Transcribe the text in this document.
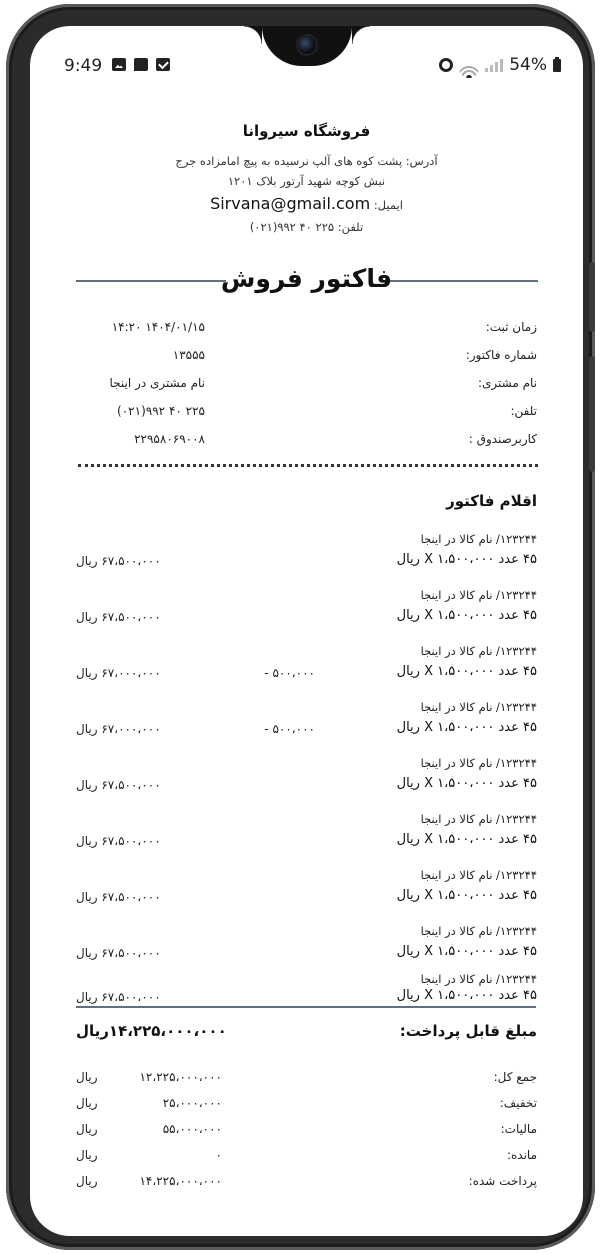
9:49	54%
فروشگاه سیروانا
آدرس: پشت کوه های آلپ نرسیده به پیچ امامزاده جرج
نبش کوچه شهید آرتور بلاک ۱۲۰۱
ایمیل: Sirvana@gmail.com
تلفن: (۰۲۱)۹۹۲ ۴۰ ۲۲۵
فاکتور فروش
زمان ثبت:
۱۴۰۴/۰۱/۱۵ ۱۴:۲۰
شماره فاکتور:
۱۳۵۵۵
نام مشتری:
نام مشتری در اینجا
تلفن:
۲۲۵ ۴۰ ۹۹۲(۰۲۱)
کاربرصندوق :
۲۲۹۵۸۰۶۹۰۰۸
اقلام فاکتور
۱۲۳۲۴۴/ نام کالا در اینجا
۴۵ عدد X ۱،۵۰۰،۰۰۰ ریال
۶۷،۵۰۰،۰۰۰ ریال
۱۲۳۲۴۴/ نام کالا در اینجا
۴۵ عدد X ۱،۵۰۰،۰۰۰ ریال
۶۷،۵۰۰،۰۰۰ ریال
۱۲۳۲۴۴/ نام کالا در اینجا
۴۵ عدد X ۱،۵۰۰،۰۰۰ ریال
۵۰۰،۰۰۰ -
۶۷،۰۰۰،۰۰۰ ریال
۱۲۳۲۴۴/ نام کالا در اینجا
۴۵ عدد X ۱،۵۰۰،۰۰۰ ریال
۵۰۰،۰۰۰ -
۶۷،۰۰۰،۰۰۰ ریال
۱۲۳۲۴۴/ نام کالا در اینجا
۴۵ عدد X ۱،۵۰۰،۰۰۰ ریال
۶۷،۵۰۰،۰۰۰ ریال
۱۲۳۲۴۴/ نام کالا در اینجا
۴۵ عدد X ۱،۵۰۰،۰۰۰ ریال
۶۷،۵۰۰،۰۰۰ ریال
۱۲۳۲۴۴/ نام کالا در اینجا
۴۵ عدد X ۱،۵۰۰،۰۰۰ ریال
۶۷،۵۰۰،۰۰۰ ریال
۱۲۳۲۴۴/ نام کالا در اینجا
۴۵ عدد X ۱،۵۰۰،۰۰۰ ریال
۶۷،۵۰۰،۰۰۰ ریال
۱۲۳۲۴۴/ نام کالا در اینجا
۴۵ عدد X ۱،۵۰۰،۰۰۰ ریال
۶۷،۵۰۰،۰۰۰ ریال
مبلغ قابل پرداخت:
۱۴،۲۲۵،۰۰۰،۰۰۰ریال
جمع کل:
۱۲،۲۲۵،۰۰۰،۰۰۰
ریال
تخفیف:
۲۵،۰۰۰،۰۰۰
ریال
مالیات:
۵۵،۰۰۰،۰۰۰
ریال
مانده:
۰
ریال
پرداخت شده:
۱۴،۲۲۵،۰۰۰،۰۰۰
ریال
